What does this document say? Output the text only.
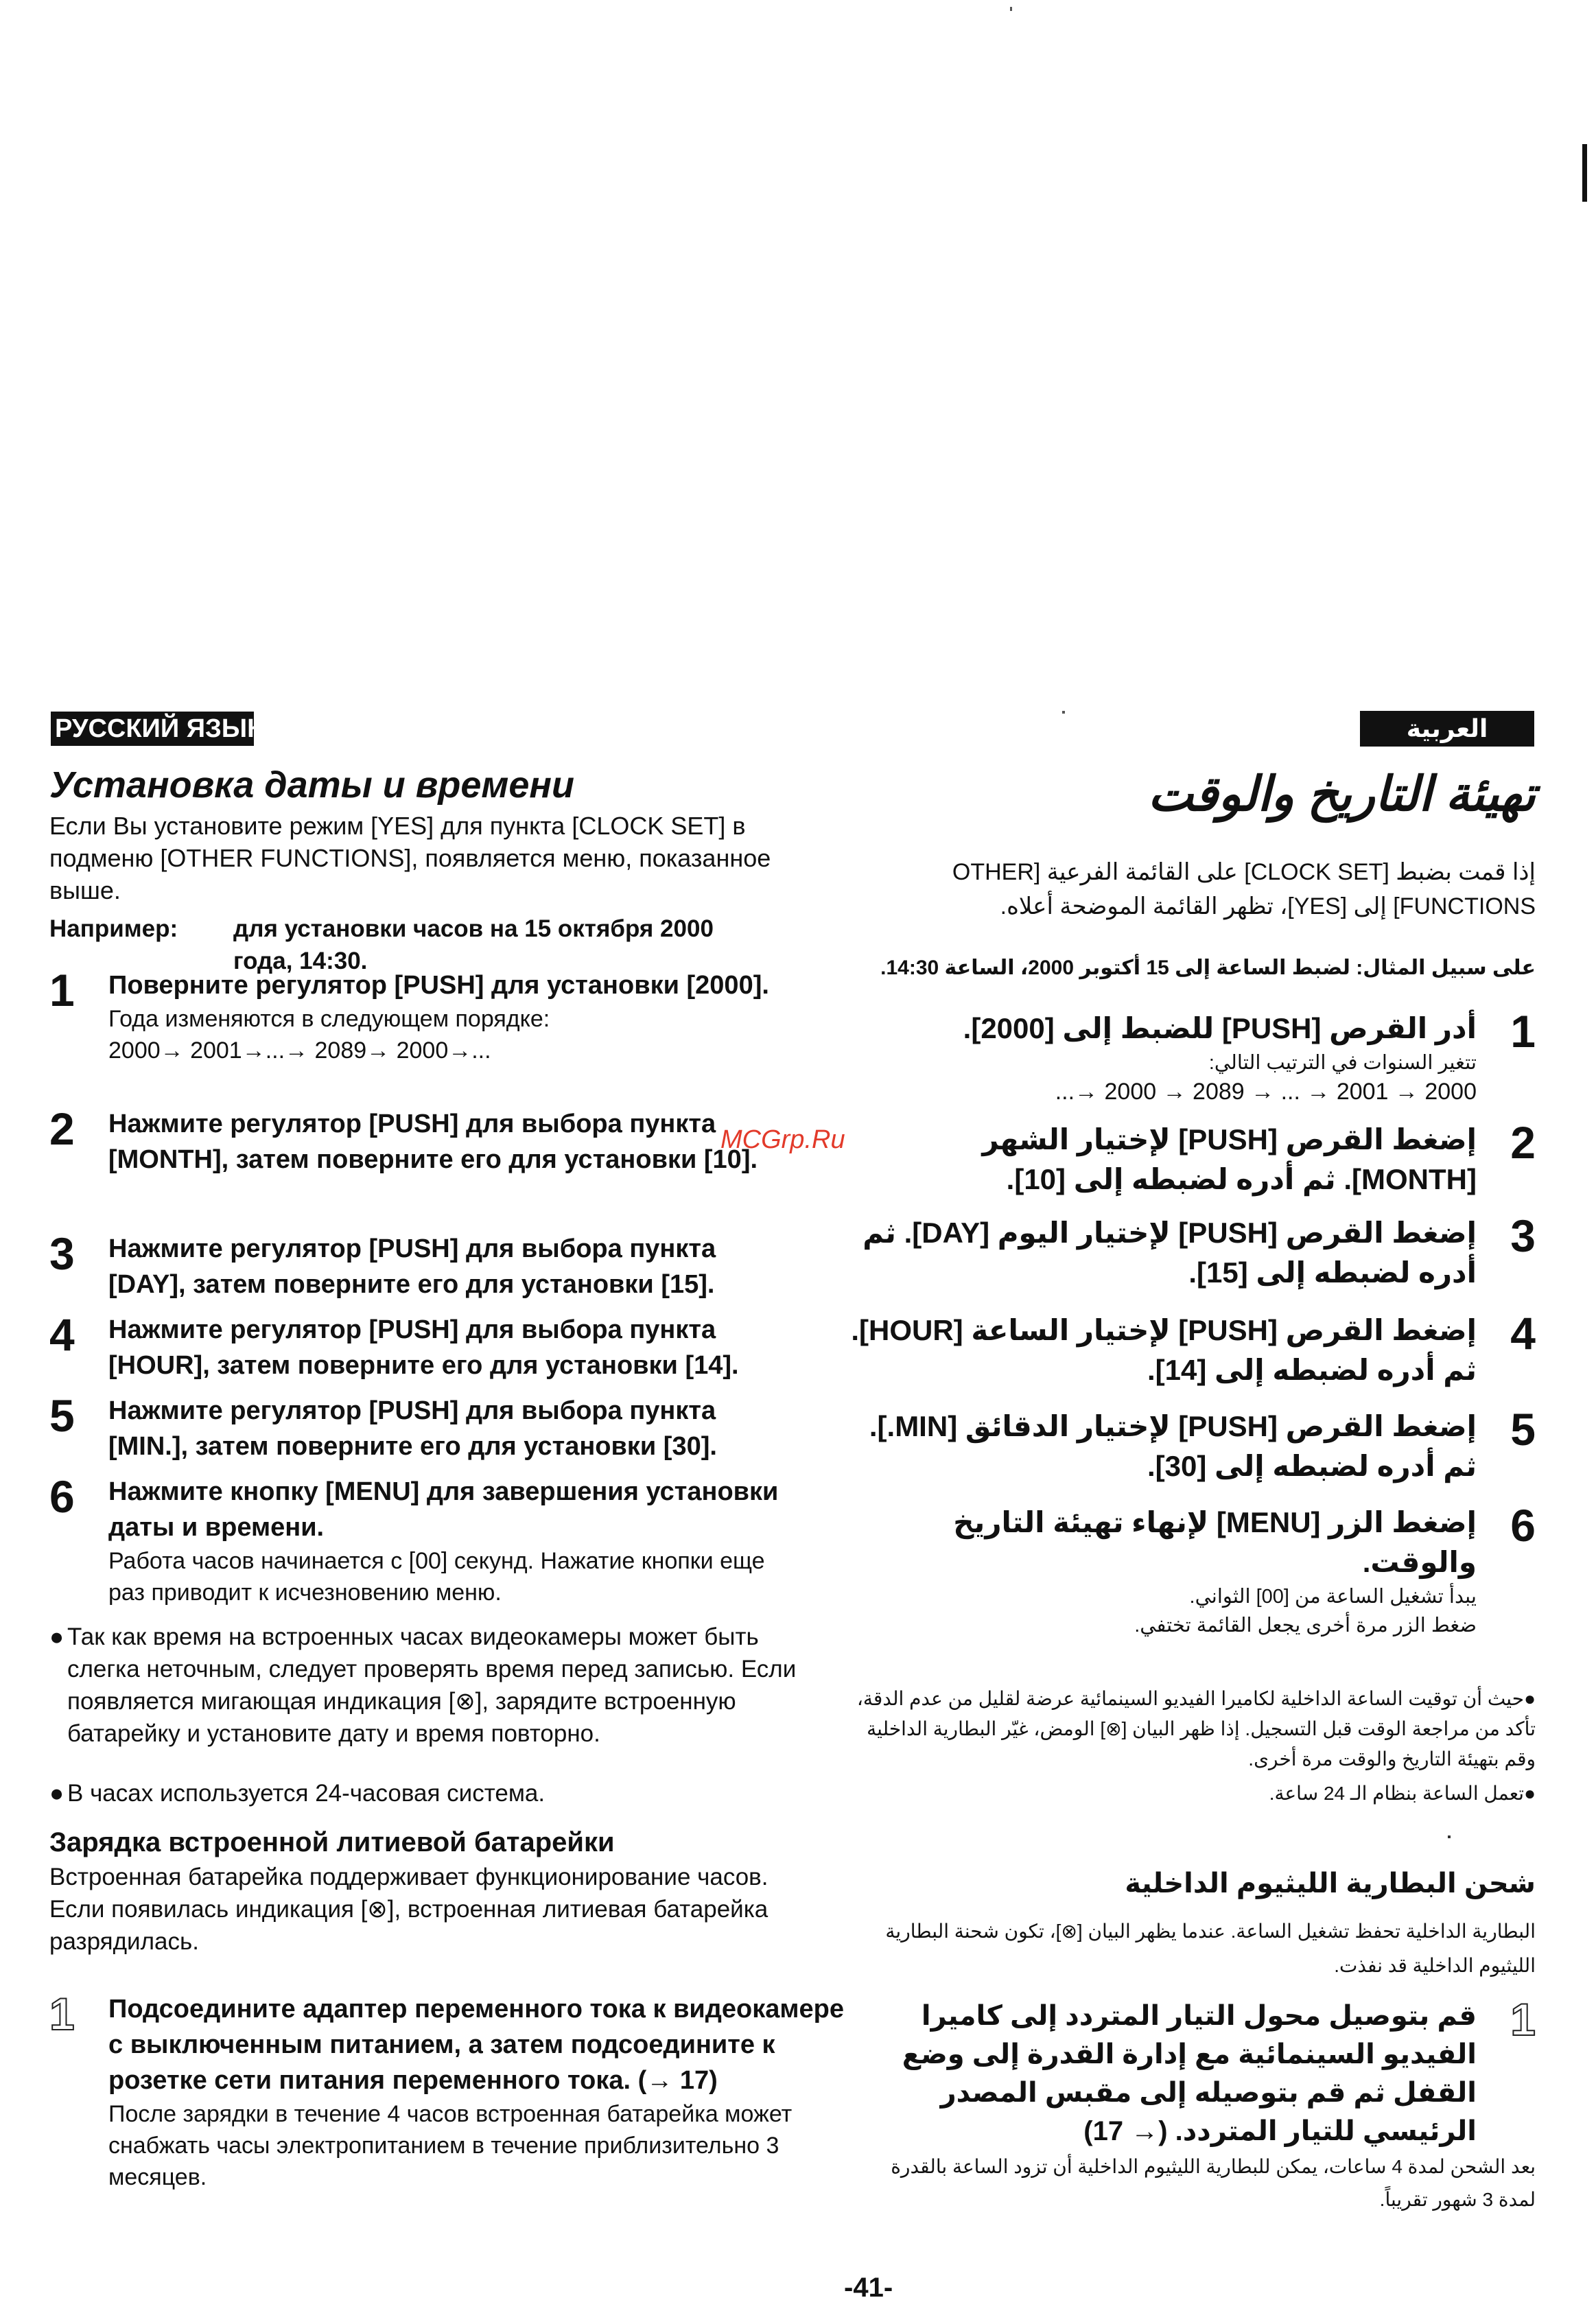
РУССКИЙ ЯЗЫК
Установка даты и времени

Если Вы установите режим [YES] для пункта [CLOCK SET] в подменю [OTHER FUNCTIONS], появляется меню, показанное выше.

Например: для установки часов на 15 октября 2000 года, 14:30.
1 Поверните регулятор [PUSH] для установки [2000].
Года изменяются в следующем порядке:
2000→ 2001→...→ 2089→ 2000→...
2 Нажмите регулятор [PUSH] для выбора пункта [MONTH], затем поверните его для установки [10].
3 Нажмите регулятор [PUSH] для выбора пункта [DAY], затем поверните его для установки [15].
4 Нажмите регулятор [PUSH] для выбора пункта [HOUR], затем поверните его для установки [14].
5 Нажмите регулятор [PUSH] для выбора пункта [MIN.], затем поверните его для установки [30].
6 Нажмите кнопку [MENU] для завершения установки даты и времени.
Работа часов начинается с [00] секунд. Нажатие кнопки еще раз приводит к исчезновению меню.
● Так как время на встроенных часах видеокамеры может быть слегка неточным, следует проверять время перед записью. Если появляется мигающая индикация [⊗], зарядите встроенную батарейку и установите дату и время повторно.
● В часах используется 24-часовая система.
Зарядка встроенной литиевой батарейки
Встроенная батарейка поддерживает функционирование часов. Если появилась индикация [⊗], встроенная литиевая батарейка разрядилась.
1 Подсоедините адаптер переменного тока к видеокамере с выключенным питанием, а затем подсоедините к розетке сети питания переменного тока. (→ 17)
После зарядки в течение 4 часов встроенная батарейка может снабжать часы электропитанием в течение приблизительно 3 месяцев.
العربية
تهيئة التاريخ والوقت
إذا قمت بضبط [CLOCK SET] على القائمة الفرعية [OTHER FUNCTIONS] إلى [YES]، تظهر القائمة الموضحة أعلاه.
على سبيل المثال: لضبط الساعة إلى 15 أكتوبر 2000، الساعة 14:30.
1
أدر القرص [PUSH] للضبط إلى [2000].
تتغير السنوات في الترتيب التالي:
2000 → 2001 → ... → 2089 → 2000 →...
2
إضغط القرص [PUSH] لإختيار الشهر [MONTH]. ثم أدره لضبطه إلى [10].
3
إضغط القرص [PUSH] لإختيار اليوم [DAY]. ثم أدره لضبطه إلى [15].
4
إضغط القرص [PUSH] لإختيار الساعة [HOUR]. ثم أدره لضبطه إلى [14].
5
إضغط القرص [PUSH] لإختيار الدقائق [MIN.]. ثم أدره لضبطه إلى [30].
6
إضغط الزر [MENU] لإنهاء تهيئة التاريخ والوقت.
يبدأ تشغيل الساعة من [00] الثواني.
ضغط الزر مرة أخرى يجعل القائمة تختفي.
●حيث أن توقيت الساعة الداخلية لكاميرا الفيديو السينمائية عرضة لقليل من عدم الدقة، تأكد من مراجعة الوقت قبل التسجيل. إذا ظهر البيان [⊗] الومض، غيّر البطارية الداخلية وقم بتهيئة التاريخ والوقت مرة أخرى.
●تعمل الساعة بنظام الـ 24 ساعة.
شحن البطارية الليثيوم الداخلية
البطارية الداخلية تحفظ تشغيل الساعة. عندما يظهر البيان [⊗]، تكون شحنة البطارية الليثيوم الداخلية قد نفذت.
1
قم بتوصيل محول التيار المتردد إلى كاميرا الفيديو السينمائية مع إدارة القدرة إلى وضع القفل ثم قم بتوصيله إلى مقبس المصدر الرئيسي للتيار المتردد. (→ 17)
بعد الشحن لمدة 4 ساعات، يمكن للبطارية الليثيوم الداخلية أن تزود الساعة بالقدرة لمدة 3 شهور تقريباً.
MCGrp.Ru
-41-
